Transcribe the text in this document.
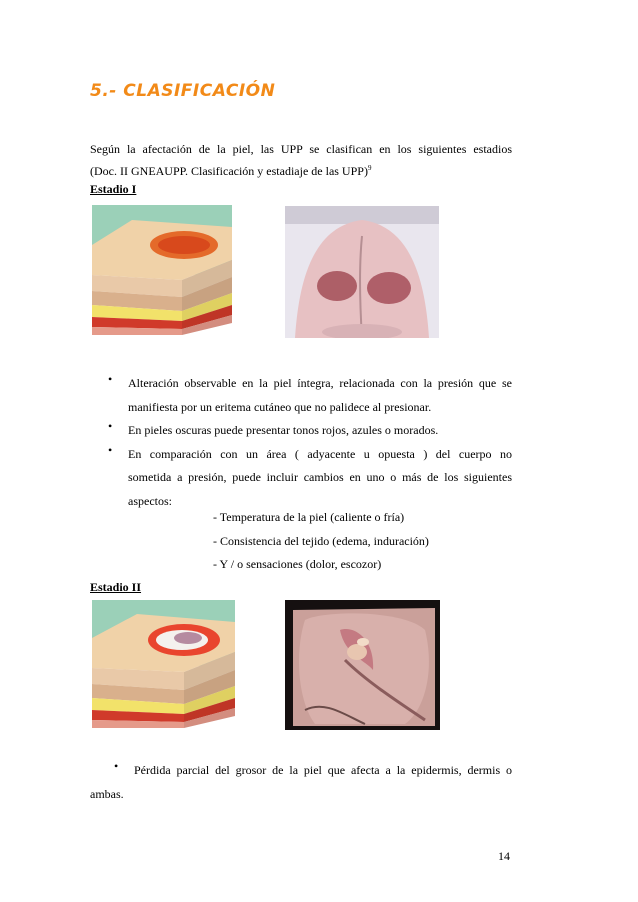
5.- CLASIFICACIÓN
Según la afectación de la piel, las UPP se clasifican en los siguientes estadios
(Doc. II GNEAUPP. Clasificación y estadiaje de las UPP)$^9$
Estadio I
• Alteración observable en la piel íntegra, relacionada con la presión que se
manifiesta por un eritema cutáneo que no palidece al presionar.
• En pieles oscuras puede presentar tonos rojos, azules o morados.
• En comparación con un área ( adyacente u opuesta ) del cuerpo no
sometida a presión, puede incluir cambios en uno o más de los siguientes
aspectos:
- Temperatura de la piel (caliente o fría)
- Consistencia del tejido (edema, induración)
- Y / o sensaciones (dolor, escozor)
Estadio II
• Pérdida parcial del grosor de la piel que afecta a la epidermis, dermis o
ambas.
14
